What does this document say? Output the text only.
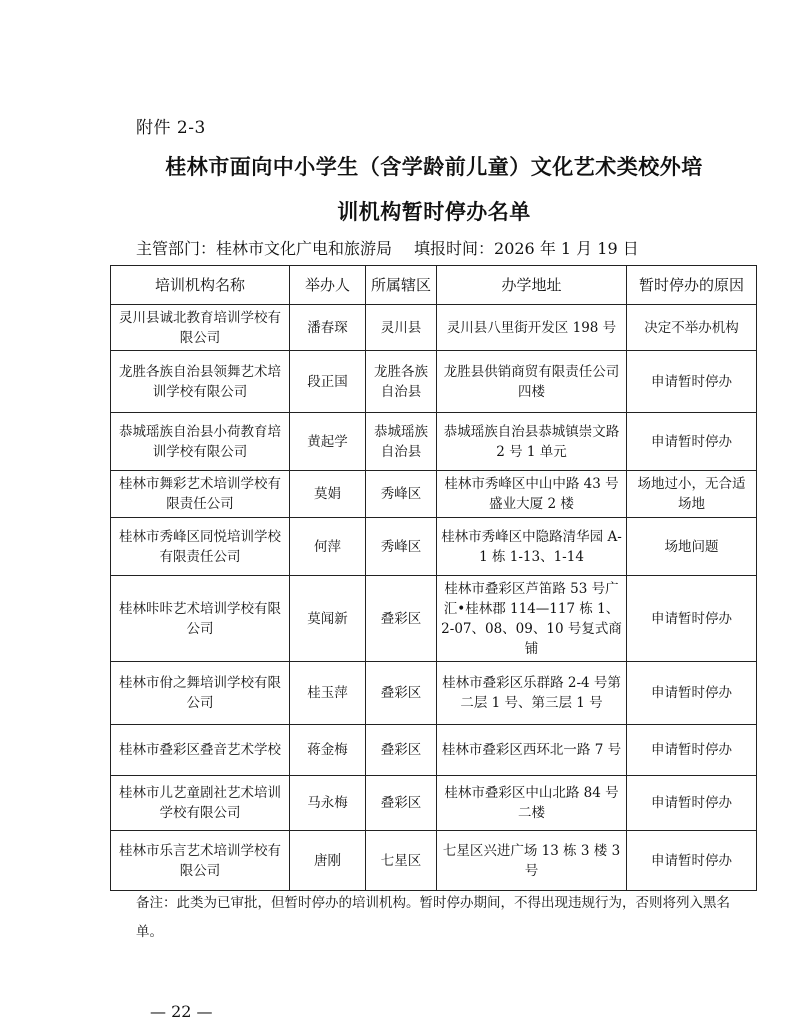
附件 2-3
桂林市面向中小学生（含学龄前儿童）文化艺术类校外培
训机构暂时停办名单
主管部门：桂林市文化广电和旅游局 填报时间：2026 年 1 月 19 日
培训机构名称	举办人	所属辖区	办学地址	暂时停办的原因
灵川县诚北教育培训学校有限公司	潘春琛	灵川县	灵川县八里街开发区 198 号	决定不举办机构
龙胜各族自治县领舞艺术培训学校有限公司	段正国	龙胜各族自治县	龙胜县供销商贸有限责任公司四楼	申请暂时停办
恭城瑶族自治县小荷教育培训学校有限公司	黄起学	恭城瑶族自治县	恭城瑶族自治县恭城镇崇文路 2 号 1 单元	申请暂时停办
桂林市舞彩艺术培训学校有限责任公司	莫娟	秀峰区	桂林市秀峰区中山中路 43 号盛业大厦 2 楼	场地过小，无合适场地
桂林市秀峰区同悦培训学校有限责任公司	何萍	秀峰区	桂林市秀峰区中隐路清华园 A-1 栋 1-13、1-14	场地问题
桂林咔咔艺术培训学校有限公司	莫闻新	叠彩区	桂林市叠彩区芦笛路 53 号广汇•桂林郡 114—117 栋 1、2-07、08、09、10 号复式商铺	申请暂时停办
桂林市佾之舞培训学校有限公司	桂玉萍	叠彩区	桂林市叠彩区乐群路 2-4 号第二层 1 号、第三层 1 号	申请暂时停办
桂林市叠彩区叠音艺术学校	蒋金梅	叠彩区	桂林市叠彩区西环北一路 7 号	申请暂时停办
桂林市儿艺童剧社艺术培训学校有限公司	马永梅	叠彩区	桂林市叠彩区中山北路 84 号二楼	申请暂时停办
桂林市乐言艺术培训学校有限公司	唐刚	七星区	七星区兴进广场 13 栋 3 楼 3 号	申请暂时停办
备注：此类为已审批，但暂时停办的培训机构。暂时停办期间，不得出现违规行为，否则将列入黑名单。
— 22 —
